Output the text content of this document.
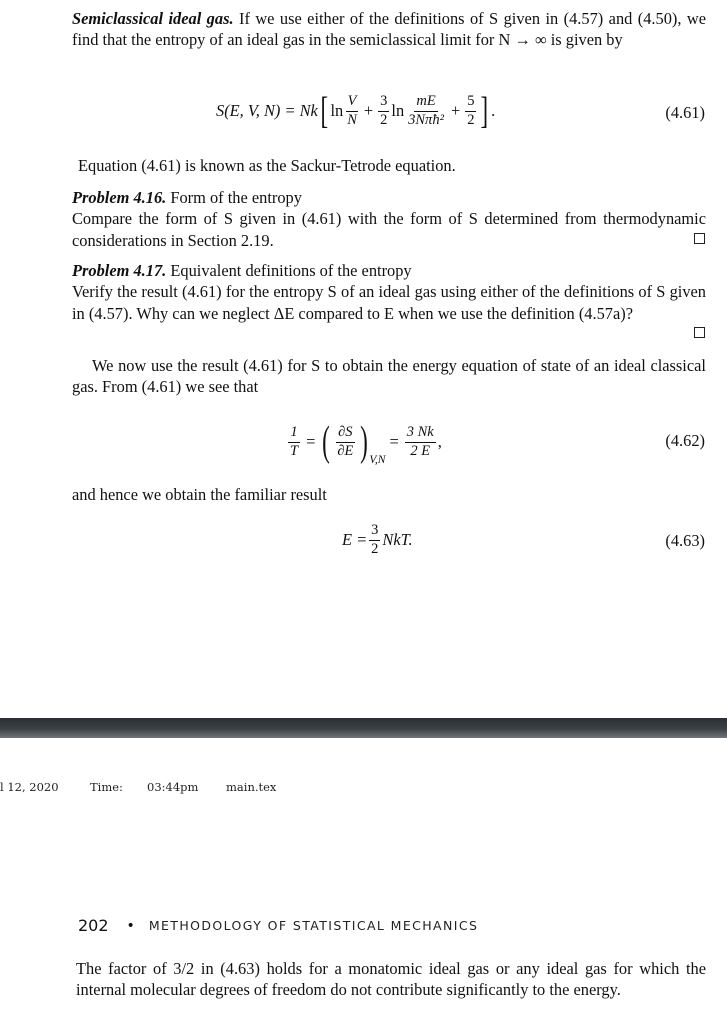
Semiclassical ideal gas. If we use either of the definitions of S given in (4.57) and (4.50), we find that the entropy of an ideal gas in the semiclassical limit for N → ∞ is given by

S(E, V, N) = Nk [ $\ln \frac{V}{N} + \frac{3}{2}$ $\ln \frac{mE}{\text{3Nπħ²}} + \frac{5}{2}$ ] .	(4.61)

Equation (4.61) is known as the Sackur-Tetrode equation.

Problem 4.16. Form of the entropy
Compare the form of S given in (4.61) with the form of S determined from thermodynamic considerations in Section 2.19.

Problem 4.17. Equivalent definitions of the entropy
Verify the result (4.61) for the entropy S of an ideal gas using either of the definitions of S given in (4.57). Why can we neglect ΔE compared to E when we use the definition (4.57a)?

We now use the result (4.61) for S to obtain the energy equation of state of an ideal classical gas. From (4.61) we see that

$\frac{1}{T}$ = ( $\frac{\partial S}{\partial E}$ ) V,N
= $\frac{3 Nk}{2 E}$ ,	(4.62)

and hence we obtain the familiar result

$E = \frac{3}{2}$ NkT.	(4.63)
l 12, 2020	Time: 03:44pm main.tex
202 • METHODOLOGY OF STATISTICAL MECHANICS

The factor of 3/2 in (4.63) holds for a monatomic ideal gas or any ideal gas for which the internal molecular degrees of freedom do not contribute significantly to the energy.
